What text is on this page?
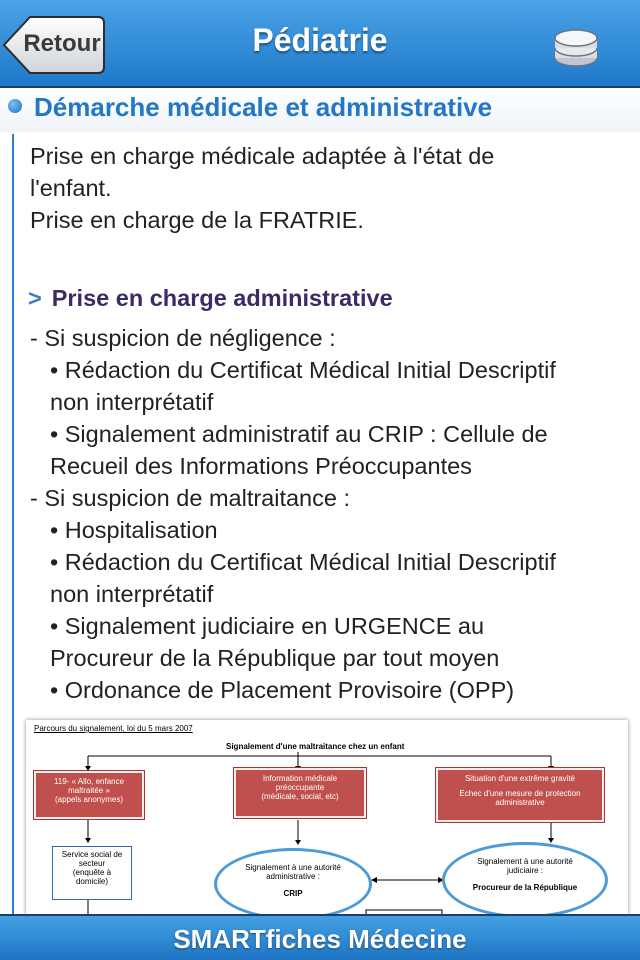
Retour	Pédiatrie
Démarche médicale et administrative
Prise en charge médicale adaptée à l'état de
l'enfant.
Prise en charge de la FRATRIE.
> Prise en charge administrative
- Si suspicion de négligence :
• Rédaction du Certificat Médical Initial Descriptif
non interprétatif
• Signalement administratif au CRIP : Cellule de
Recueil des Informations Préoccupantes
- Si suspicion de maltraitance :
• Hospitalisation
• Rédaction du Certificat Médical Initial Descriptif
non interprétatif
• Signalement judiciaire en URGENCE au
Procureur de la République par tout moyen
• Ordonance de Placement Provisoire (OPP)
Parcours du signalement, loi du 5 mars 2007
Signalement d'une maltraitance chez un enfant
119- « Allo, enfance
maltraitée »
(appels anonymes)
Information médicale
préoccupante
(médicale, social, etc)
Situation d'une extrême gravité
Echec d'une mesure de protection
administrative
Service social de
secteur
(enquête à
domicile)
Signalement à une autorité
administrative :
CRIP
Signalement à une autorité
judiciaire :
Procureur de la République
SMARTfiches Médecine
